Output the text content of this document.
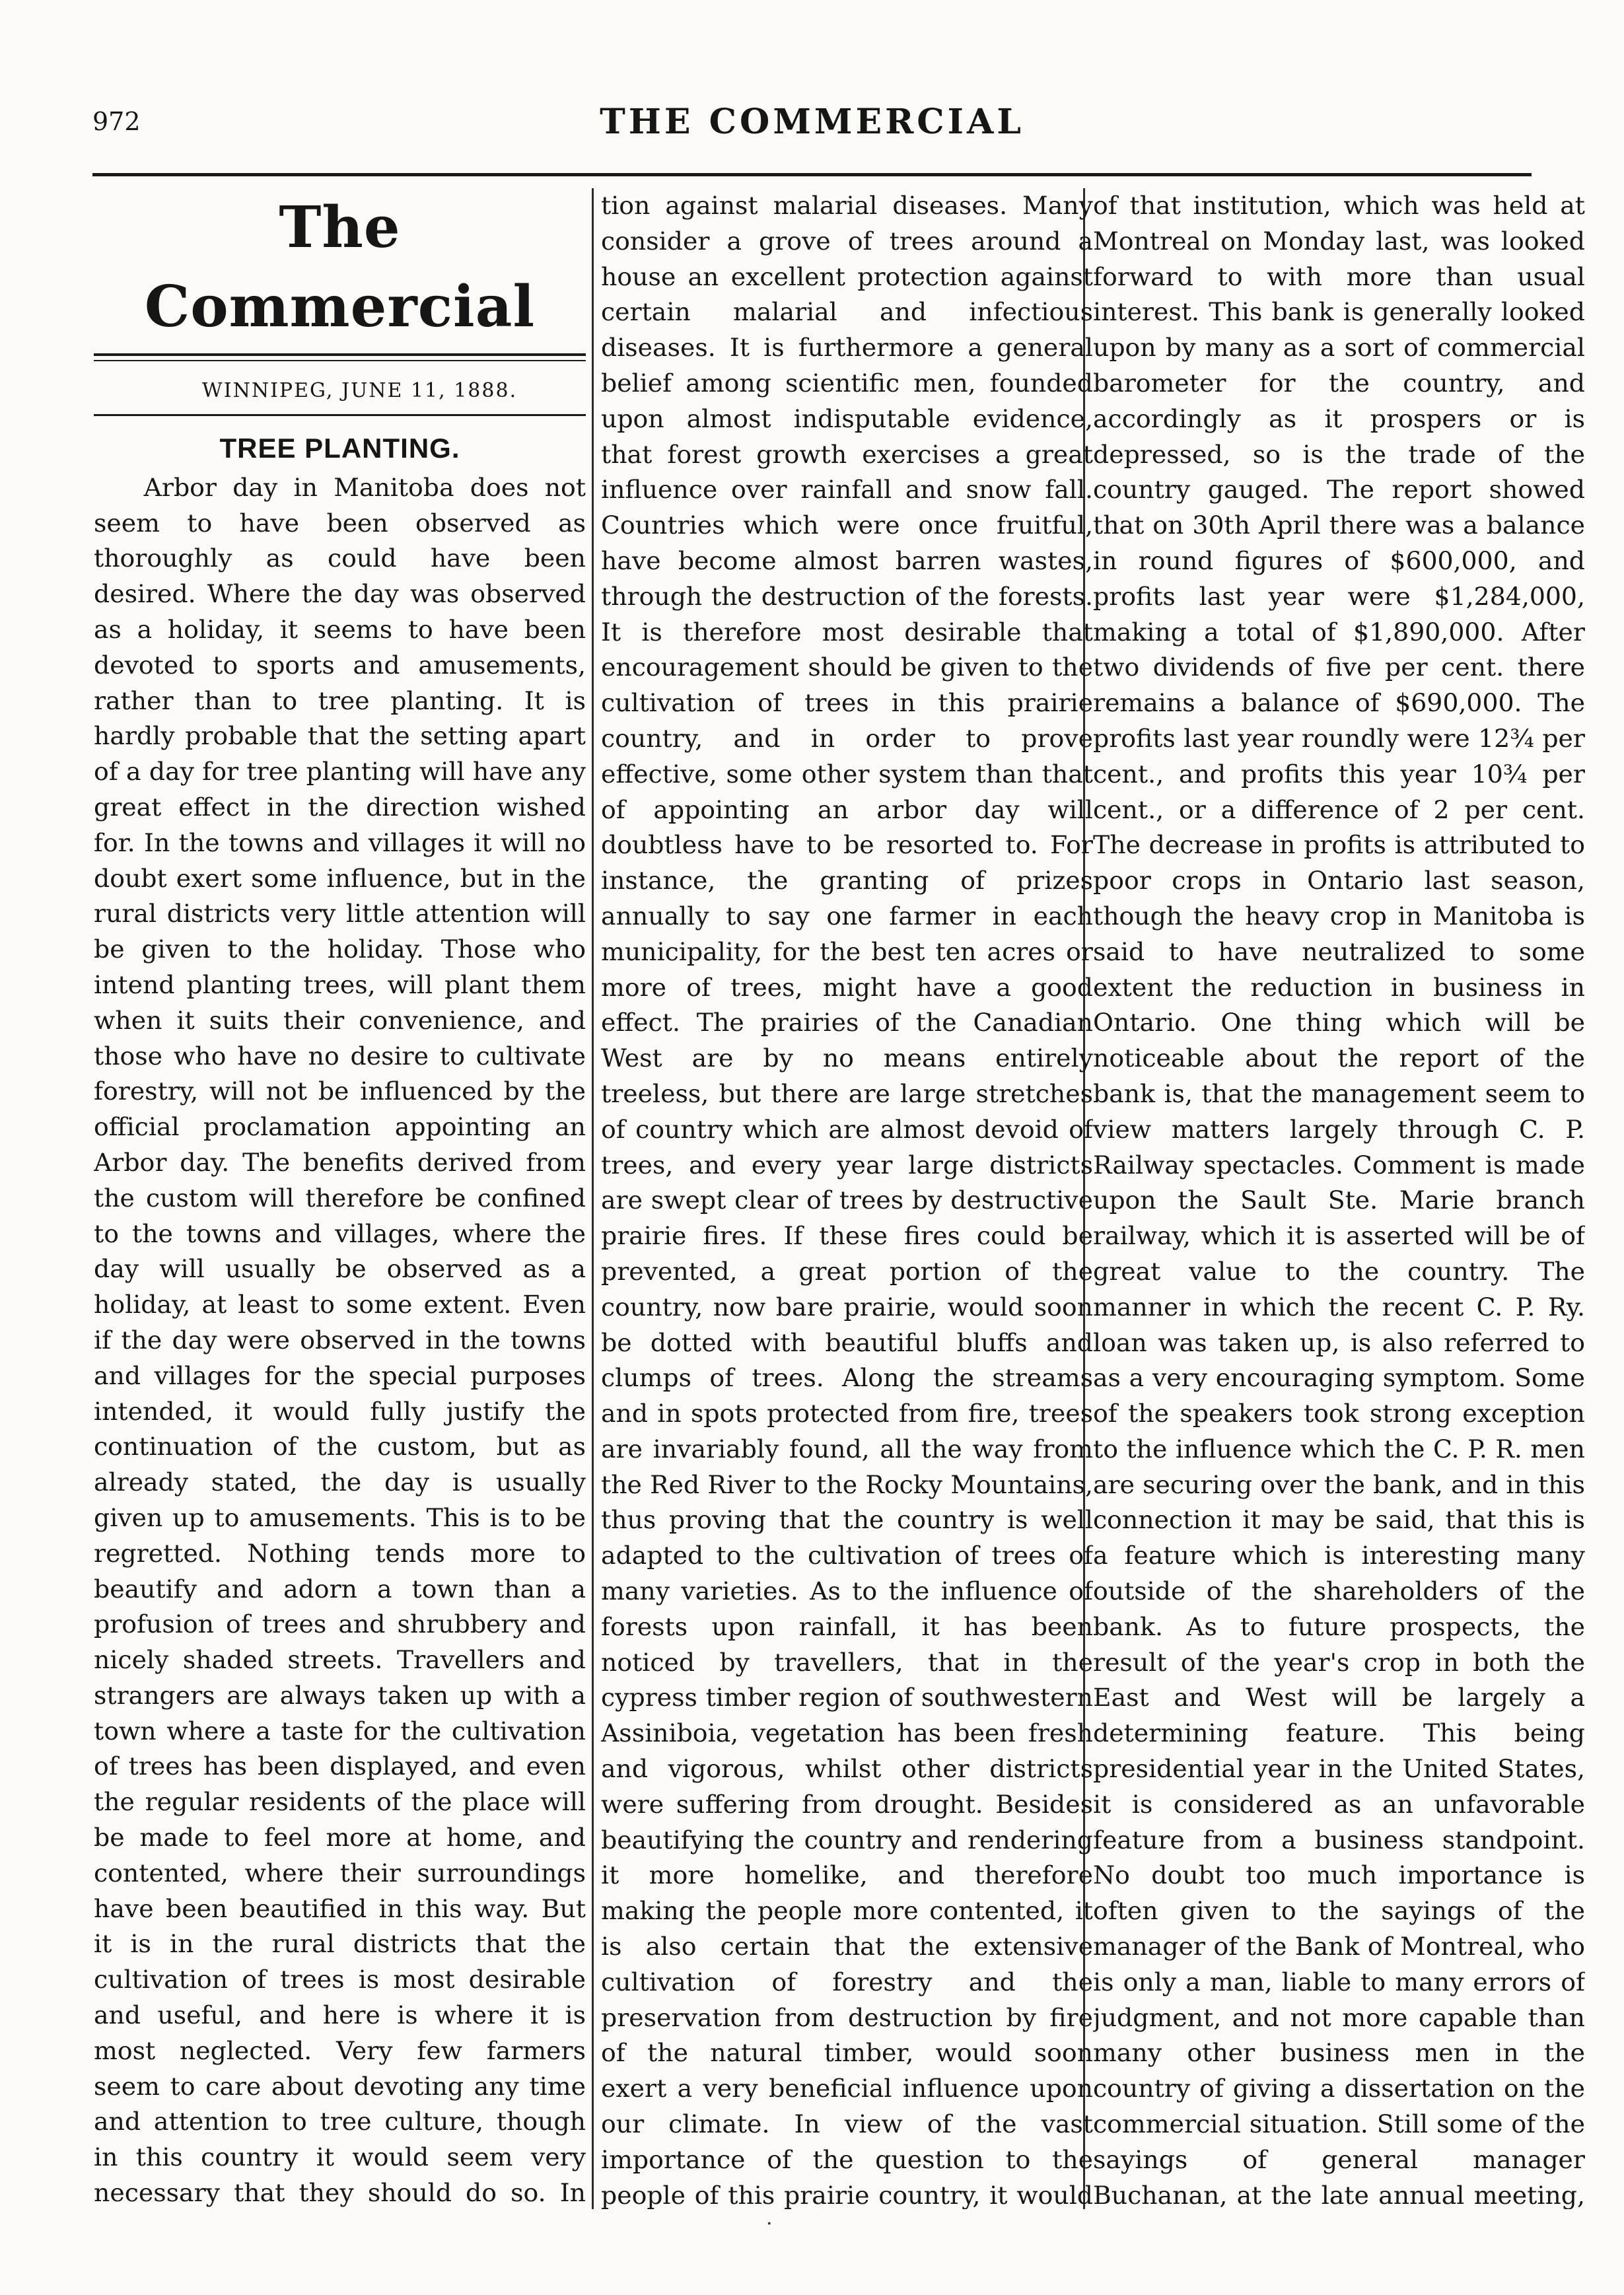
972	THE COMMERCIAL
The Commercial

WINNIPEG, JUNE 11, 1888.

TREE PLANTING.

Arbor day in Manitoba does not seem to have been observed as thoroughly as could have been desired. Where the day was observed as a holiday, it seems to have been devoted to sports and amusements, rather than to tree planting. It is hardly probable that the setting apart of a day for tree planting will have any great effect in the direction wished for. In the towns and villages it will no doubt exert some influence, but in the rural districts very little attention will be given to the holiday. Those who intend planting trees, will plant them when it suits their convenience, and those who have no desire to cultivate forestry, will not be influenced by the official proclamation appointing an Arbor day. The benefits derived from the custom will therefore be confined to the towns and villages, where the day will usually be observed as a holiday, at least to some extent. Even if the day were observed in the towns and villages for the special purposes intended, it would fully justify the continuation of the custom, but as already stated, the day is usually given up to amusements. This is to be regretted. Nothing tends more to beautify and adorn a town than a profusion of trees and shrubbery and nicely shaded streets. Travellers and strangers are always taken up with a town where a taste for the cultivation of trees has been displayed, and even the regular residents of the place will be made to feel more at home, and contented, where their surroundings have been beautified in this way. But it is in the rural districts that the cultivation of trees is most desirable and useful, and here is where it is most neglected. Very few farmers seem to care about devoting any time and attention to tree culture, though in this country it would seem very necessary that they should do so. In

tion against malarial diseases. Many consider a grove of trees around a house an excellent protection against certain malarial and infectious diseases. It is furthermore a general belief among scientific men, founded upon almost indisputable evidence, that forest growth exercises a great influence over rainfall and snow fall. Countries which were once fruitful, have become almost barren wastes, through the destruction of the forests. It is therefore most desirable that encouragement should be given to the cultivation of trees in this prairie country, and in order to prove effective, some other system than that of appointing an arbor day will doubtless have to be resorted to. For instance, the granting of prizes annually to say one farmer in each municipality, for the best ten acres or more of trees, might have a good effect. The prairies of the Canadian West are by no means entirely treeless, but there are large stretches of country which are almost devoid of trees, and every year large districts are swept clear of trees by destructive prairie fires. If these fires could be prevented, a great portion of the country, now bare prairie, would soon be dotted with beautiful bluffs and clumps of trees. Along the streams and in spots protected from fire, trees are invariably found, all the way from the Red River to the Rocky Mountains, thus proving that the country is well adapted to the cultivation of trees of many varieties. As to the influence of forests upon rainfall, it has been noticed by travellers, that in the cypress timber region of southwestern Assiniboia, vegetation has been fresh and vigorous, whilst other districts were suffering from drought. Besides beautifying the country and rendering it more homelike, and therefore making the people more contented, it is also certain that the extensive cultivation of forestry and the preservation from destruction by fire of the natural timber, would soon exert a very beneficial influence upon our climate. In view of the vast importance of the question to the people of this prairie country, it would

of that institution, which was held at Montreal on Monday last, was looked forward to with more than usual interest. This bank is generally looked upon by many as a sort of commercial barometer for the country, and accordingly as it prospers or is depressed, so is the trade of the country gauged. The report showed that on 30th April there was a balance in round figures of $600,000, and profits last year were $1,284,000, making a total of $1,890,000. After two dividends of five per cent. there remains a balance of $690,000. The profits last year roundly were 12¾ per cent., and profits this year 10¾ per cent., or a difference of 2 per cent. The decrease in profits is attributed to poor crops in Ontario last season, though the heavy crop in Manitoba is said to have neutralized to some extent the reduction in business in Ontario. One thing which will be noticeable about the report of the bank is, that the management seem to view matters largely through C. P. Railway spectacles. Comment is made upon the Sault Ste. Marie branch railway, which it is asserted will be of great value to the country. The manner in which the recent C. P. Ry. loan was taken up, is also referred to as a very encouraging symptom. Some of the speakers took strong exception to the influence which the C. P. R. men are securing over the bank, and in this connection it may be said, that this is a feature which is interesting many outside of the shareholders of the bank. As to future prospects, the result of the year's crop in both the East and West will be largely a determining feature. This being presidential year in the United States, it is considered as an unfavorable feature from a business standpoint. No doubt too much importance is often given to the sayings of the manager of the Bank of Montreal, who is only a man, liable to many errors of judgment, and not more capable than many other business men in the country of giving a dissertation on the commercial situation. Still some of the sayings of general manager Buchanan, at the late annual meeting,

·
